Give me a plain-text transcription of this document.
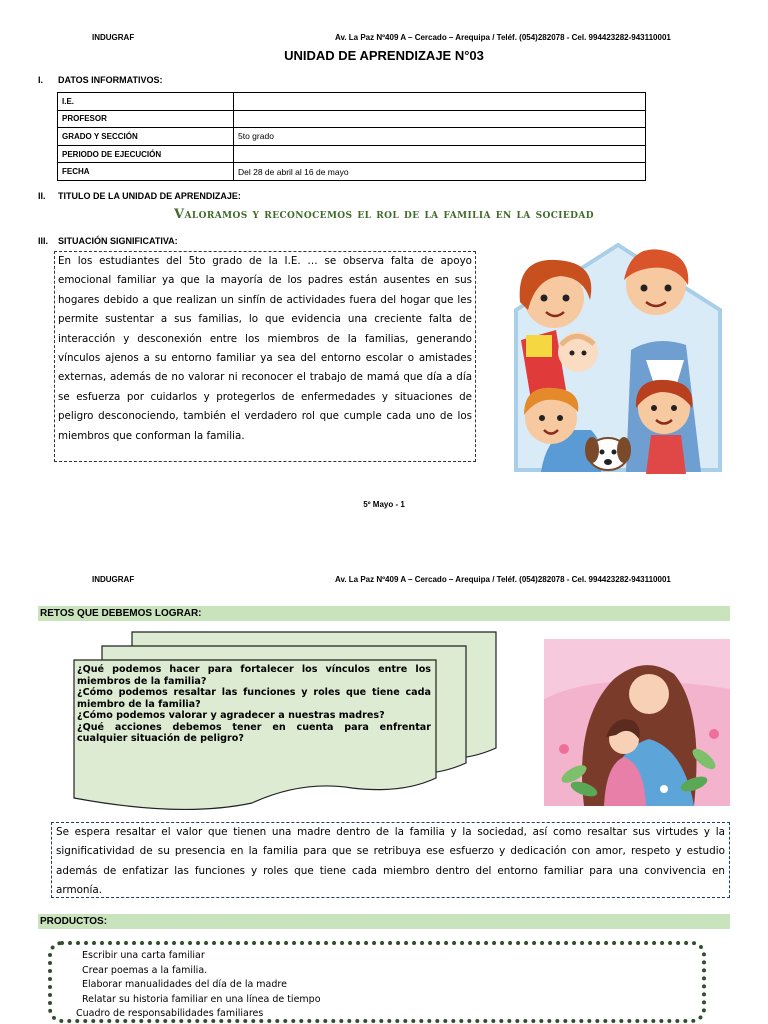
INDUGRAF	Av. La Paz Nº409 A – Cercado – Arequipa / Teléf. (054)282078 - Cel. 994423282-943110001
UNIDAD DE APRENDIZAJE N°03
I. DATOS INFORMATIVOS:
I.E.	
PROFESOR	
GRADO Y SECCIÓN	5to grado
PERIODO DE EJECUCIÓN	
FECHA	Del 28 de abril al 16 de mayo
II. TITULO DE LA UNIDAD DE APRENDIZAJE:
Valoramos y reconocemos el rol de la familia en la sociedad
III. SITUACIÓN SIGNIFICATIVA:
En los estudiantes del 5to grado de la I.E. … se observa falta de apoyo emocional familiar ya que la mayoría de los padres están ausentes en sus hogares debido a que realizan un sinfín de actividades fuera del hogar que les permite sustentar a sus familias, lo que evidencia una creciente falta de interacción y desconexión entre los miembros de la familias, generando vínculos ajenos a su entorno familiar ya sea del entorno escolar o amistades externas, además de no valorar ni reconocer el trabajo de mamá que día a día se esfuerza por cuidarlos y protegerlos de enfermedades y situaciones de peligro desconociendo, también el verdadero rol que cumple cada uno de los miembros que conforman la familia.
5º Mayo - 1
INDUGRAF	Av. La Paz Nº409 A – Cercado – Arequipa / Teléf. (054)282078 - Cel. 994423282-943110001
RETOS QUE DEBEMOS LOGRAR:
¿Qué podemos hacer para fortalecer los vínculos entre los miembros de la familia?
¿Cómo podemos resaltar las funciones y roles que tiene cada miembro de la familia?
¿Cómo podemos valorar y agradecer a nuestras madres?
¿Qué acciones debemos tener en cuenta para enfrentar cualquier situación de peligro?
Se espera resaltar el valor que tienen una madre dentro de la familia y la sociedad, así como resaltar sus virtudes y la significatividad de su presencia en la familia para que se retribuya ese esfuerzo y dedicación con amor, respeto y estudio además de enfatizar las funciones y roles que tiene cada miembro dentro del entorno familiar para una convivencia en armonía.
PRODUCTOS:
Escribir una carta familiar
Crear poemas a la familia.
Elaborar manualidades del día de la madre
Relatar su historia familiar en una línea de tiempo
Cuadro de responsabilidades familiares
